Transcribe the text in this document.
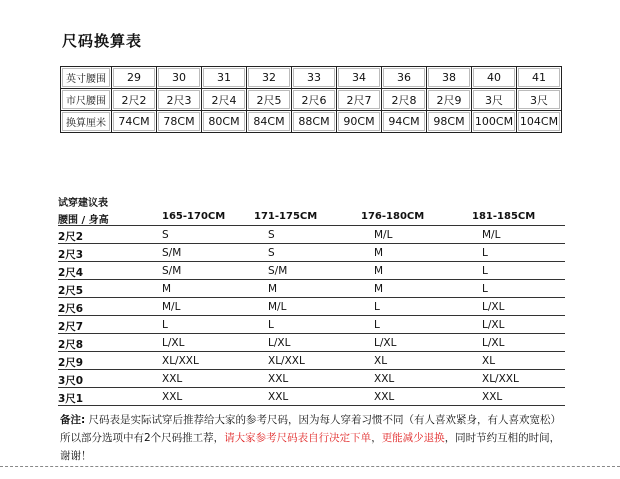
尺码换算表
英寸腰围	29	30	31	32	33	34	36	38	40	41
市尺腰围	2尺2	2尺3	2尺4	2尺5	2尺6	2尺7	2尺8	2尺9	3尺	3尺
换算厘米	74CM	78CM	80CM	84CM	88CM	90CM	94CM	98CM	100CM	104CM
试穿建议表
腰围 / 身高	165-170CM	171-175CM	176-180CM	181-185CM
2尺2	S	S	M/L	M/L
2尺3	S/M	S	M	L
2尺4	S/M	S/M	M	L
2尺5	M	M	M	L
2尺6	M/L	M/L	L	L/XL
2尺7	L	L	L	L/XL
2尺8	L/XL	L/XL	L/XL	L/XL
2尺9	XL/XXL	XL/XXL	XL	XL
3尺0	XXL	XXL	XXL	XL/XXL
3尺1	XXL	XXL	XXL	XXL
备注: 尺码表是实际试穿后推荐给大家的参考尺码，因为每人穿着习惯不同（有人喜欢紧身，有人喜欢宽松）所以部分选项中有2个尺码推工荐，请大家参考尺码表自行决定下单，更能减少退换，同时节约互相的时间，谢谢！
